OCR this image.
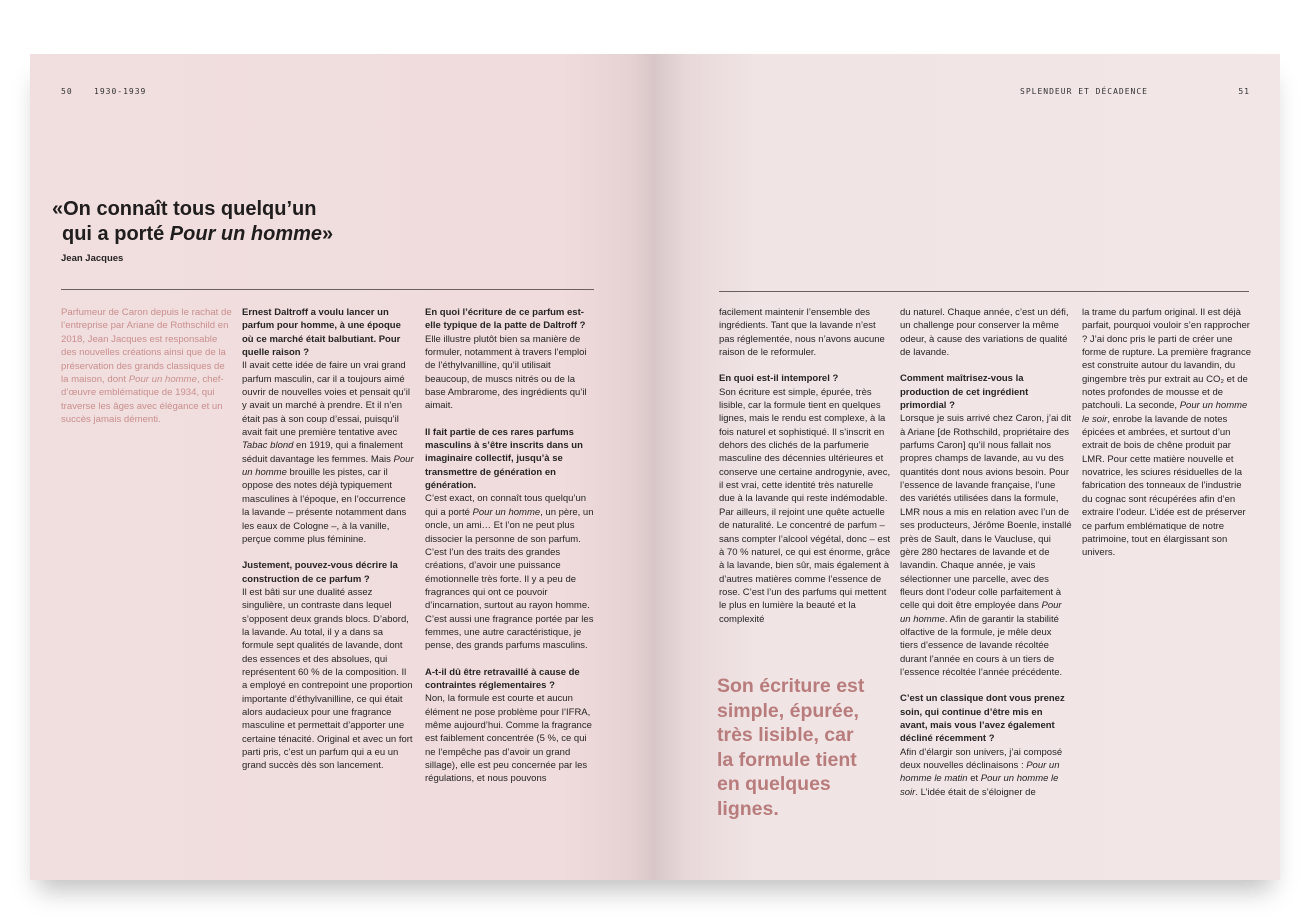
50	1930-1939
«On connaît tous quelqu’un
qui a porté Pour un homme»
Jean Jacques
Parfumeur de Caron depuis le rachat de l’entreprise par Ariane de Rothschild en 2018, Jean Jacques est responsable des nouvelles créations ainsi que de la préservation des grands classiques de la maison, dont Pour un homme, chef-d’œuvre emblématique de 1934, qui traverse les âges avec élégance et un succès jamais démenti.

Ernest Daltroff a voulu lancer un parfum pour homme, à une époque où ce marché était balbutiant. Pour quelle raison ?
Il avait cette idée de faire un vrai grand parfum masculin, car il a toujours aimé ouvrir de nouvelles voies et pensait qu’il y avait un marché à prendre. Et il n’en était pas à son coup d’essai, puisqu’il avait fait une première tentative avec Tabac blond en 1919, qui a finalement séduit davantage les femmes. Mais Pour un homme brouille les pistes, car il oppose des notes déjà typiquement masculines à l’époque, en l’occurrence la lavande – présente notamment dans les eaux de Cologne –, à la vanille, perçue comme plus féminine.

Justement, pouvez-vous décrire la construction de ce parfum ?
Il est bâti sur une dualité assez singulière, un contraste dans lequel s’opposent deux grands blocs. D’abord, la lavande. Au total, il y a dans sa formule sept qualités de lavande, dont des essences et des absolues, qui représentent 60 % de la composition. Il a employé en contrepoint une proportion importante d’éthylvanilline, ce qui était alors audacieux pour une fragrance masculine et permettait d’apporter une certaine ténacité. Original et avec un fort parti pris, c’est un parfum qui a eu un grand succès dès son lancement.

En quoi l’écriture de ce parfum est-elle typique de la patte de Daltroff ?
Elle illustre plutôt bien sa manière de formuler, notamment à travers l’emploi de l’éthylvanilline, qu’il utilisait beaucoup, de muscs nitrés ou de la base Ambrarome, des ingrédients qu’il aimait.

Il fait partie de ces rares parfums masculins à s’être inscrits dans un imaginaire collectif, jusqu’à se transmettre de génération en génération.
C’est exact, on connaît tous quelqu’un qui a porté Pour un homme, un père, un oncle, un ami… Et l’on ne peut plus dissocier la personne de son parfum. C’est l’un des traits des grandes créations, d’avoir une puissance émotionnelle très forte. Il y a peu de fragrances qui ont ce pouvoir d’incarnation, surtout au rayon homme. C’est aussi une fragrance portée par les femmes, une autre caractéristique, je pense, des grands parfums masculins.

A-t-il dû être retravaillé à cause de contraintes réglementaires ?
Non, la formule est courte et aucun élément ne pose problème pour l’IFRA, même aujourd’hui. Comme la fragrance est faiblement concentrée (5 %, ce qui ne l’empêche pas d’avoir un grand sillage), elle est peu concernée par les régulations, et nous pouvons

SPLENDEUR ET DÉCADENCE	51

facilement maintenir l’ensemble des ingrédients. Tant que la lavande n’est pas réglementée, nous n’avons aucune raison de le reformuler.

En quoi est-il intemporel ?
Son écriture est simple, épurée, très lisible, car la formule tient en quelques lignes, mais le rendu est complexe, à la fois naturel et sophistiqué. Il s’inscrit en dehors des clichés de la parfumerie masculine des décennies ultérieures et conserve une certaine androgynie, avec, il est vrai, cette identité très naturelle due à la lavande qui reste indémodable. Par ailleurs, il rejoint une quête actuelle de naturalité. Le concentré de parfum – sans compter l’alcool végétal, donc – est à 70 % naturel, ce qui est énorme, grâce à la lavande, bien sûr, mais également à d’autres matières comme l’essence de rose. C’est l’un des parfums qui mettent le plus en lumière la beauté et la complexité

Son écriture est simple, épurée, très lisible, car la formule tient en quelques lignes.

du naturel. Chaque année, c’est un défi, un challenge pour conserver la même odeur, à cause des variations de qualité de lavande.

Comment maîtrisez-vous la production de cet ingrédient primordial ?
Lorsque je suis arrivé chez Caron, j’ai dit à Ariane [de Rothschild, propriétaire des parfums Caron] qu’il nous fallait nos propres champs de lavande, au vu des quantités dont nous avions besoin. Pour l’essence de lavande française, l’une des variétés utilisées dans la formule, LMR nous a mis en relation avec l’un de ses producteurs, Jérôme Boenle, installé près de Sault, dans le Vaucluse, qui gère 280 hectares de lavande et de lavandin. Chaque année, je vais sélectionner une parcelle, avec des fleurs dont l’odeur colle parfaitement à celle qui doit être employée dans Pour un homme. Afin de garantir la stabilité olfactive de la formule, je mêle deux tiers d’essence de lavande récoltée durant l’année en cours à un tiers de l’essence récoltée l’année précédente.

C’est un classique dont vous prenez soin, qui continue d’être mis en avant, mais vous l’avez également décliné récemment ?
Afin d’élargir son univers, j’ai composé deux nouvelles déclinaisons : Pour un homme le matin et Pour un homme le soir. L’idée était de s’éloigner de

la trame du parfum original. Il est déjà parfait, pourquoi vouloir s’en rapprocher ? J’ai donc pris le parti de créer une forme de rupture. La première fragrance est construite autour du lavandin, du gingembre très pur extrait au CO₂ et de notes profondes de mousse et de patchouli. La seconde, Pour un homme le soir, enrobe la lavande de notes épicées et ambrées, et surtout d’un extrait de bois de chêne produit par LMR. Pour cette matière nouvelle et novatrice, les sciures résiduelles de la fabrication des tonneaux de l’industrie du cognac sont récupérées afin d’en extraire l’odeur. L’idée est de préserver ce parfum emblématique de notre patrimoine, tout en élargissant son univers.
